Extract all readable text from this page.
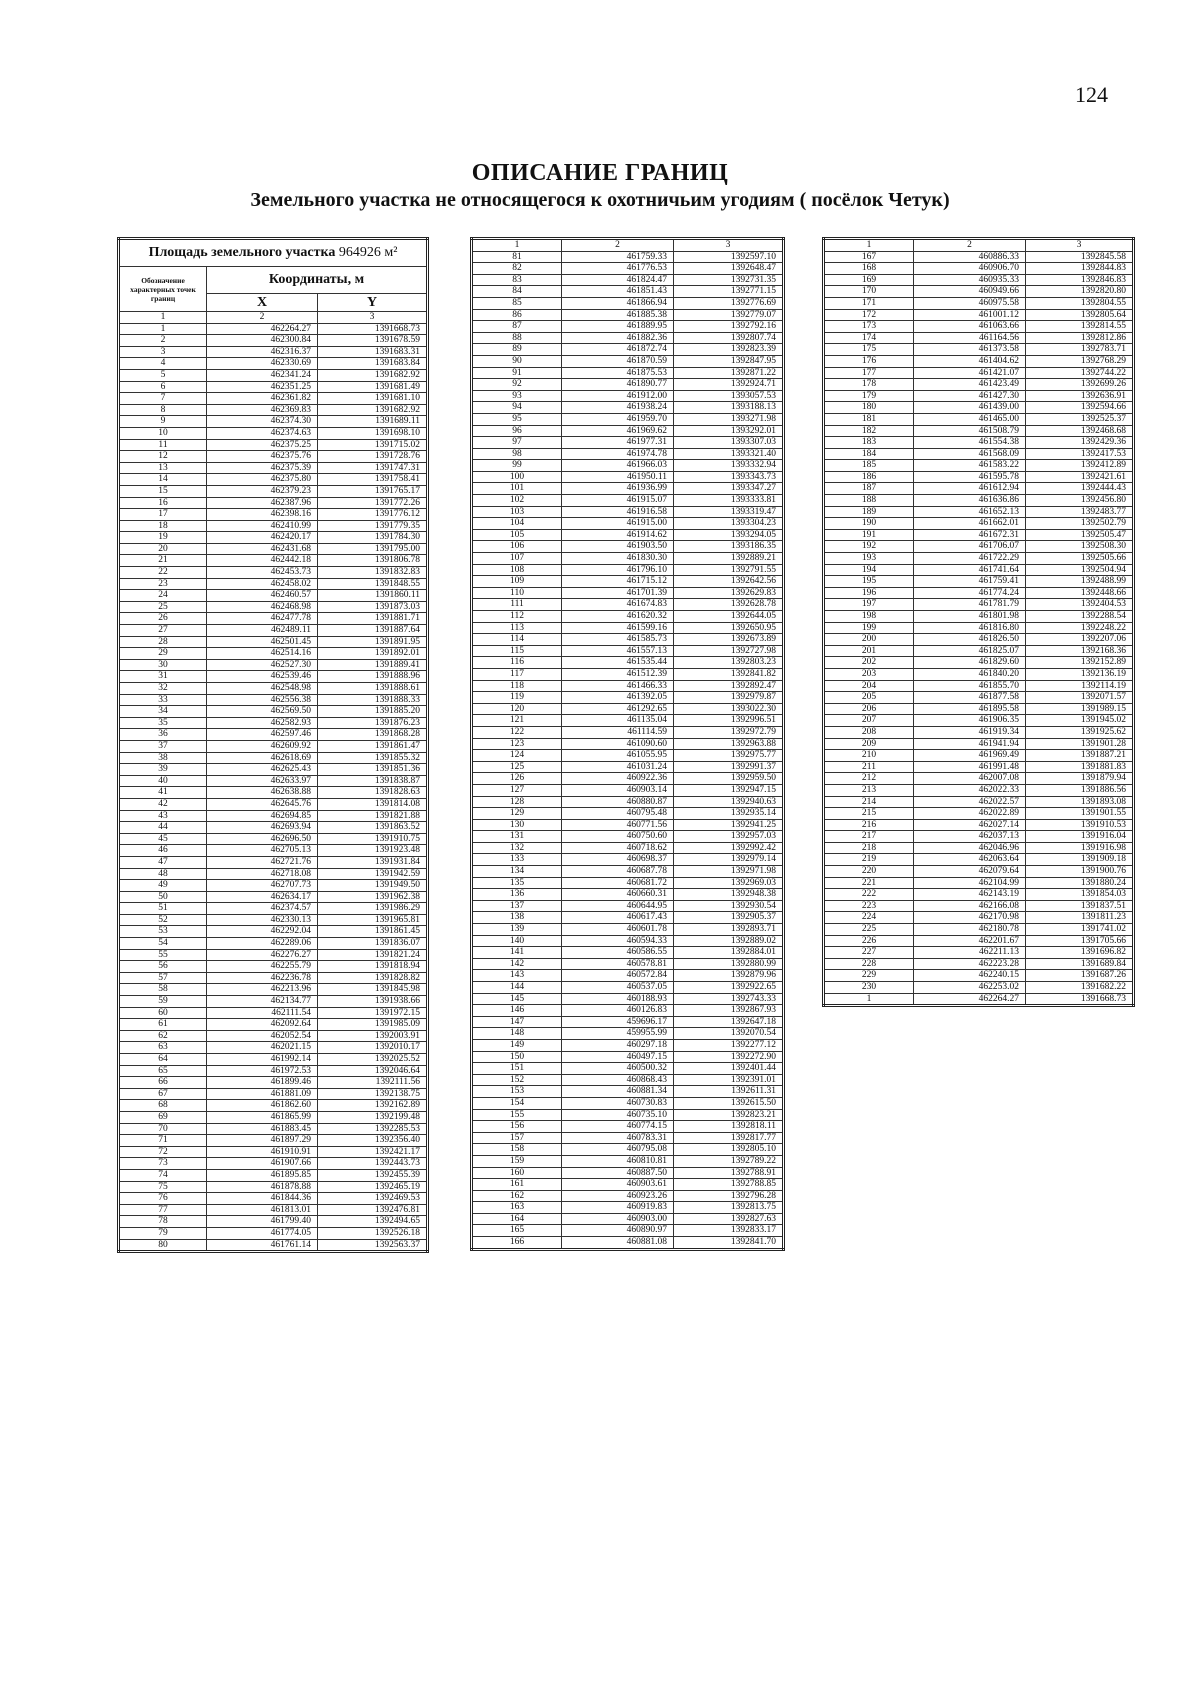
124
ОПИСАНИЕ ГРАНИЦ
Земельного участка не относящегося к охотничьим угодиям ( посёлок Четук)
Площадь земельного участка 964926 м²		
Обозначение характерных точек границ	Координаты, м	
	X	Y
1	2	3
1	462264.27	1391668.73
2	462300.84	1391678.59
3	462316.37	1391683.31
4	462330.69	1391683.84
5	462341.24	1391682.92
6	462351.25	1391681.49
7	462361.82	1391681.10
8	462369.83	1391682.92
9	462374.30	1391689.11
10	462374.63	1391698.10
11	462375.25	1391715.02
12	462375.76	1391728.76
13	462375.39	1391747.31
14	462375.80	1391758.41
15	462379.23	1391765.17
16	462387.96	1391772.26
17	462398.16	1391776.12
18	462410.99	1391779.35
19	462420.17	1391784.30
20	462431.68	1391795.00
21	462442.18	1391806.78
22	462453.73	1391832.83
23	462458.02	1391848.55
24	462460.57	1391860.11
25	462468.98	1391873.03
26	462477.78	1391881.71
27	462489.11	1391887.64
28	462501.45	1391891.95
29	462514.16	1391892.01
30	462527.30	1391889.41
31	462539.46	1391888.96
32	462548.98	1391888.61
33	462556.38	1391888.33
34	462569.50	1391885.20
35	462582.93	1391876.23
36	462597.46	1391868.28
37	462609.92	1391861.47
38	462618.69	1391855.32
39	462625.43	1391851.36
40	462633.97	1391838.87
41	462638.88	1391828.63
42	462645.76	1391814.08
43	462694.85	1391821.88
44	462693.94	1391863.52
45	462696.50	1391910.75
46	462705.13	1391923.48
47	462721.76	1391931.84
48	462718.08	1391942.59
49	462707.73	1391949.50
50	462634.17	1391962.38
51	462374.57	1391986.29
52	462330.13	1391965.81
53	462292.04	1391861.45
54	462289.06	1391836.07
55	462276.27	1391821.24
56	462255.79	1391818.94
57	462236.78	1391828.82
58	462213.96	1391845.98
59	462134.77	1391938.66
60	462111.54	1391972.15
61	462092.64	1391985.09
62	462052.54	1392003.91
63	462021.15	1392010.17
64	461992.14	1392025.52
65	461972.53	1392046.64
66	461899.46	1392111.56
67	461881.09	1392138.75
68	461862.60	1392162.89
69	461865.99	1392199.48
70	461883.45	1392285.53
71	461897.29	1392356.40
72	461910.91	1392421.17
73	461907.66	1392443.73
74	461895.85	1392455.39
75	461878.88	1392465.19
76	461844.36	1392469.53
77	461813.01	1392476.81
78	461799.40	1392494.65
79	461774.05	1392526.18
80	461761.14	1392563.37
1	2	3
81	461759.33	1392597.10
82	461776.53	1392648.47
83	461824.47	1392731.35
84	461851.43	1392771.15
85	461866.94	1392776.69
86	461885.38	1392779.07
87	461889.95	1392792.16
88	461882.36	1392807.74
89	461872.74	1392823.39
90	461870.59	1392847.95
91	461875.53	1392871.22
92	461890.77	1392924.71
93	461912.00	1393057.53
94	461938.24	1393188.13
95	461959.70	1393271.98
96	461969.62	1393292.01
97	461977.31	1393307.03
98	461974.78	1393321.40
99	461966.03	1393332.94
100	461950.11	1393343.73
101	461936.99	1393347.27
102	461915.07	1393333.81
103	461916.58	1393319.47
104	461915.00	1393304.23
105	461914.62	1393294.05
106	461903.50	1393186.35
107	461830.30	1392889.21
108	461796.10	1392791.55
109	461715.12	1392642.56
110	461701.39	1392629.83
111	461674.83	1392628.78
112	461620.32	1392644.05
113	461599.16	1392650.95
114	461585.73	1392673.89
115	461557.13	1392727.98
116	461535.44	1392803.23
117	461512.39	1392841.82
118	461466.33	1392892.47
119	461392.05	1392979.87
120	461292.65	1393022.30
121	461135.04	1392996.51
122	461114.59	1392972.79
123	461090.60	1392963.88
124	461055.95	1392975.77
125	461031.24	1392991.37
126	460922.36	1392959.50
127	460903.14	1392947.15
128	460880.87	1392940.63
129	460795.48	1392935.14
130	460771.56	1392941.25
131	460750.60	1392957.03
132	460718.62	1392992.42
133	460698.37	1392979.14
134	460687.78	1392971.98
135	460681.72	1392969.03
136	460660.31	1392948.38
137	460644.95	1392930.54
138	460617.43	1392905.37
139	460601.78	1392893.71
140	460594.33	1392889.02
141	460586.55	1392884.01
142	460578.81	1392880.99
143	460572.84	1392879.96
144	460537.05	1392922.65
145	460188.93	1392743.33
146	460126.83	1392867.93
147	459696.17	1392647.18
148	459955.99	1392070.54
149	460297.18	1392277.12
150	460497.15	1392272.90
151	460500.32	1392401.44
152	460868.43	1392391.01
153	460881.34	1392611.31
154	460730.83	1392615.50
155	460735.10	1392823.21
156	460774.15	1392818.11
157	460783.31	1392817.77
158	460795.08	1392805.10
159	460810.81	1392789.22
160	460887.50	1392788.91
161	460903.61	1392788.85
162	460923.26	1392796.28
163	460919.83	1392813.75
164	460903.00	1392827.63
165	460890.97	1392833.17
166	460881.08	1392841.70
1	2	3
167	460886.33	1392845.58
168	460906.70	1392844.83
169	460935.33	1392846.83
170	460949.66	1392820.80
171	460975.58	1392804.55
172	461001.12	1392805.64
173	461063.66	1392814.55
174	461164.56	1392812.86
175	461373.58	1392783.71
176	461404.62	1392768.29
177	461421.07	1392744.22
178	461423.49	1392699.26
179	461427.30	1392636.91
180	461439.00	1392594.66
181	461465.00	1392525.37
182	461508.79	1392468.68
183	461554.38	1392429.36
184	461568.09	1392417.53
185	461583.22	1392412.89
186	461595.78	1392421.61
187	461612.94	1392444.43
188	461636.86	1392456.80
189	461652.13	1392483.77
190	461662.01	1392502.79
191	461672.31	1392505.47
192	461706.07	1392508.30
193	461722.29	1392505.66
194	461741.64	1392504.94
195	461759.41	1392488.99
196	461774.24	1392448.66
197	461781.79	1392404.53
198	461801.98	1392288.54
199	461816.80	1392248.22
200	461826.50	1392207.06
201	461825.07	1392168.36
202	461829.60	1392152.89
203	461840.20	1392136.19
204	461855.70	1392114.19
205	461877.58	1392071.57
206	461895.58	1391989.15
207	461906.35	1391945.02
208	461919.34	1391925.62
209	461941.94	1391901.28
210	461969.49	1391887.21
211	461991.48	1391881.83
212	462007.08	1391879.94
213	462022.33	1391886.56
214	462022.57	1391893.08
215	462022.89	1391901.55
216	462027.14	1391910.53
217	462037.13	1391916.04
218	462046.96	1391916.98
219	462063.64	1391909.18
220	462079.64	1391900.76
221	462104.99	1391880.24
222	462143.19	1391854.03
223	462166.08	1391837.51
224	462170.98	1391811.23
225	462180.78	1391741.02
226	462201.67	1391705.66
227	462211.13	1391696.82
228	462223.28	1391689.84
229	462240.15	1391687.26
230	462253.02	1391682.22
1	462264.27	1391668.73
